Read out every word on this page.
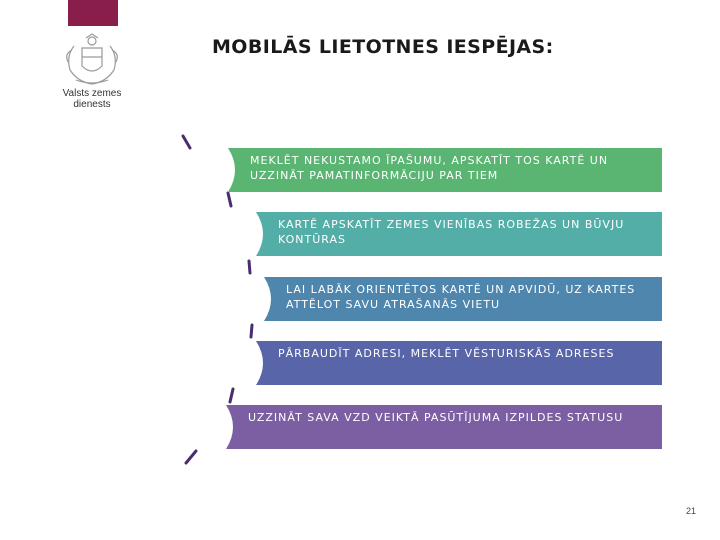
Valsts zemes dienests
MOBILĀS LIETOTNES IESPĒJAS:
MEKLĒT NEKUSTAMO ĪPAŠUMU, APSKATĪT TOS KARTĒ UN UZZINĀT PAMATINFORMĀCIJU PAR TIEM
KARTĒ APSKATĪT ZEMES VIENĪBAS ROBEŽAS UN BŪVJU KONTŪRAS
LAI LABĀK ORIENTĒTOS KARTĒ UN APVIDŪ, UZ KARTES ATTĒLOT SAVU ATRAŠANĀS VIETU
PĀRBAUDĪT ADRESI, MEKLĒT VĒSTURISKĀS ADRESES
UZZINĀT SAVA VZD VEIKTĀ PASŪTĪJUMA IZPILDES STATUSU
21
